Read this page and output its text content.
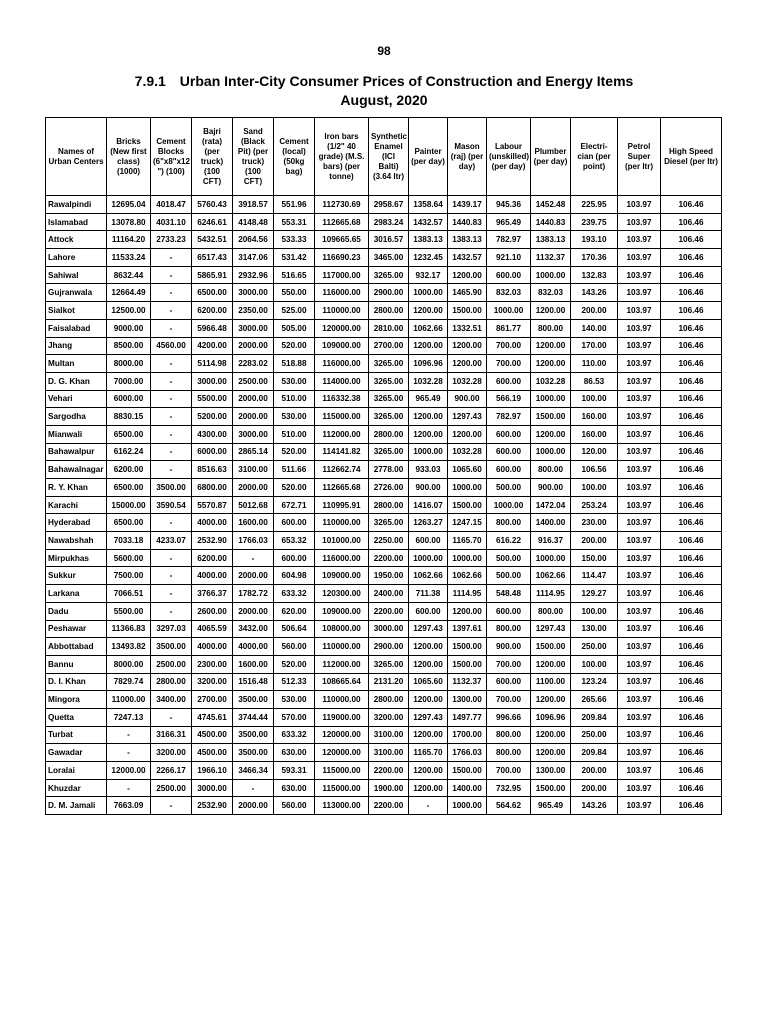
98
7.9.1 Urban Inter-City Consumer Prices of Construction and Energy Items
August, 2020
Names of Urban Centers	Bricks (New first class) (1000)	Cement Blocks (6"x8"x12 ") (100)	Bajri (rata) (per truck) (100 CFT)	Sand (Black Pit) (per truck) (100 CFT)	Cement (local) (50kg bag)	Iron bars (1/2" 40 grade) (M.S. bars) (per tonne)	Synthetic Enamel (ICI Balti) (3.64 ltr)	Painter (per day)	Mason (raj) (per day)	Labour (unskilled) (per day)	Plumber (per day)	Electri-cian (per point)	Petrol Super (per ltr)	High Speed Diesel (per ltr)
Rawalpindi	12695.04	4018.47	5760.43	3918.57	551.96	112730.69	2958.67	1358.64	1439.17	945.36	1452.48	225.95	103.97	106.46
Islamabad	13078.80	4031.10	6246.61	4148.48	553.31	112665.68	2983.24	1432.57	1440.83	965.49	1440.83	239.75	103.97	106.46
Attock	11164.20	2733.23	5432.51	2064.56	533.33	109665.65	3016.57	1383.13	1383.13	782.97	1383.13	193.10	103.97	106.46
Lahore	11533.24	-	6517.43	3147.06	531.42	116690.23	3465.00	1232.45	1432.57	921.10	1132.37	170.36	103.97	106.46
Sahiwal	8632.44	-	5865.91	2932.96	516.65	117000.00	3265.00	932.17	1200.00	600.00	1000.00	132.83	103.97	106.46
Gujranwala	12664.49	-	6500.00	3000.00	550.00	116000.00	2900.00	1000.00	1465.90	832.03	832.03	143.26	103.97	106.46
Sialkot	12500.00	-	6200.00	2350.00	525.00	110000.00	2800.00	1200.00	1500.00	1000.00	1200.00	200.00	103.97	106.46
Faisalabad	9000.00	-	5966.48	3000.00	505.00	120000.00	2810.00	1062.66	1332.51	861.77	800.00	140.00	103.97	106.46
Jhang	8500.00	4560.00	4200.00	2000.00	520.00	109000.00	2700.00	1200.00	1200.00	700.00	1200.00	170.00	103.97	106.46
Multan	8000.00	-	5114.98	2283.02	518.88	116000.00	3265.00	1096.96	1200.00	700.00	1200.00	110.00	103.97	106.46
D. G. Khan	7000.00	-	3000.00	2500.00	530.00	114000.00	3265.00	1032.28	1032.28	600.00	1032.28	86.53	103.97	106.46
Vehari	6000.00	-	5500.00	2000.00	510.00	116332.38	3265.00	965.49	900.00	566.19	1000.00	100.00	103.97	106.46
Sargodha	8830.15	-	5200.00	2000.00	530.00	115000.00	3265.00	1200.00	1297.43	782.97	1500.00	160.00	103.97	106.46
Mianwali	6500.00	-	4300.00	3000.00	510.00	112000.00	2800.00	1200.00	1200.00	600.00	1200.00	160.00	103.97	106.46
Bahawalpur	6162.24	-	6000.00	2865.14	520.00	114141.82	3265.00	1000.00	1032.28	600.00	1000.00	120.00	103.97	106.46
Bahawalnagar	6200.00	-	8516.63	3100.00	511.66	112662.74	2778.00	933.03	1065.60	600.00	800.00	106.56	103.97	106.46
R. Y. Khan	6500.00	3500.00	6800.00	2000.00	520.00	112665.68	2726.00	900.00	1000.00	500.00	900.00	100.00	103.97	106.46
Karachi	15000.00	3590.54	5570.87	5012.68	672.71	110995.91	2800.00	1416.07	1500.00	1000.00	1472.04	253.24	103.97	106.46
Hyderabad	6500.00	-	4000.00	1600.00	600.00	110000.00	3265.00	1263.27	1247.15	800.00	1400.00	230.00	103.97	106.46
Nawabshah	7033.18	4233.07	2532.90	1766.03	653.32	101000.00	2250.00	600.00	1165.70	616.22	916.37	200.00	103.97	106.46
Mirpukhas	5600.00	-	6200.00	-	600.00	116000.00	2200.00	1000.00	1000.00	500.00	1000.00	150.00	103.97	106.46
Sukkur	7500.00	-	4000.00	2000.00	604.98	109000.00	1950.00	1062.66	1062.66	500.00	1062.66	114.47	103.97	106.46
Larkana	7066.51	-	3766.37	1782.72	633.32	120300.00	2400.00	711.38	1114.95	548.48	1114.95	129.27	103.97	106.46
Dadu	5500.00	-	2600.00	2000.00	620.00	109000.00	2200.00	600.00	1200.00	600.00	800.00	100.00	103.97	106.46
Peshawar	11366.83	3297.03	4065.59	3432.00	506.64	108000.00	3000.00	1297.43	1397.61	800.00	1297.43	130.00	103.97	106.46
Abbottabad	13493.82	3500.00	4000.00	4000.00	560.00	110000.00	2900.00	1200.00	1500.00	900.00	1500.00	250.00	103.97	106.46
Bannu	8000.00	2500.00	2300.00	1600.00	520.00	112000.00	3265.00	1200.00	1500.00	700.00	1200.00	100.00	103.97	106.46
D. I. Khan	7829.74	2800.00	3200.00	1516.48	512.33	108665.64	2131.20	1065.60	1132.37	600.00	1100.00	123.24	103.97	106.46
Mingora	11000.00	3400.00	2700.00	3500.00	530.00	110000.00	2800.00	1200.00	1300.00	700.00	1200.00	265.66	103.97	106.46
Quetta	7247.13	-	4745.61	3744.44	570.00	119000.00	3200.00	1297.43	1497.77	996.66	1096.96	209.84	103.97	106.46
Turbat	-	3166.31	4500.00	3500.00	633.32	120000.00	3100.00	1200.00	1700.00	800.00	1200.00	250.00	103.97	106.46
Gawadar	-	3200.00	4500.00	3500.00	630.00	120000.00	3100.00	1165.70	1766.03	800.00	1200.00	209.84	103.97	106.46
Loralai	12000.00	2266.17	1966.10	3466.34	593.31	115000.00	2200.00	1200.00	1500.00	700.00	1300.00	200.00	103.97	106.46
Khuzdar	-	2500.00	3000.00	-	630.00	115000.00	1900.00	1200.00	1400.00	732.95	1500.00	200.00	103.97	106.46
D. M. Jamali	7663.09	-	2532.90	2000.00	560.00	113000.00	2200.00	-	1000.00	564.62	965.49	143.26	103.97	106.46
